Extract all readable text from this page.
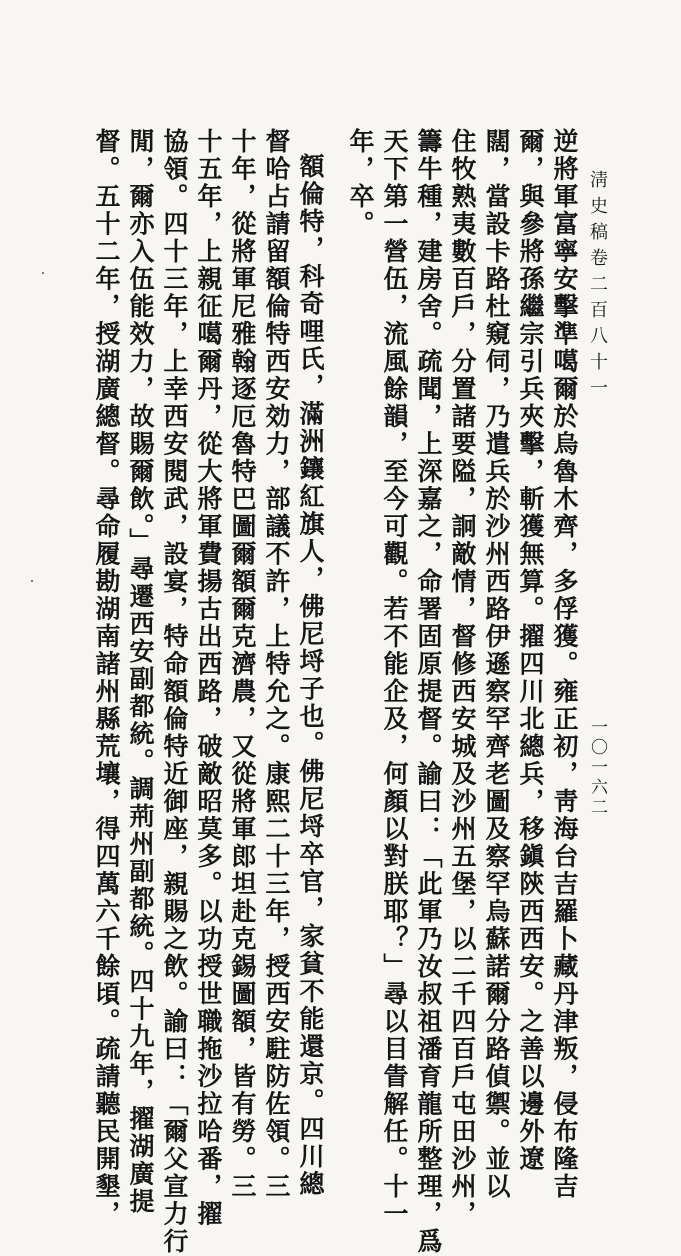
淸史稿卷二百八十一
一〇一六二
逆將軍富寧安擊準噶爾於烏魯木齊，多俘獲。雍正初，靑海台吉羅卜藏丹津叛，侵布隆吉
爾，與參將孫繼宗引兵夾擊，斬獲無算。擢四川北總兵，移鎭陝西西安。之善以邊外遼
闊，當設卡路杜窺伺，乃遣兵於沙州西路伊遜察罕齊老圖及察罕烏蘇諾爾分路偵禦。並以
住牧熟夷數百戶，分置諸要隘，詗敵情，督修西安城及沙州五堡，以二千四百戶屯田沙州，
籌牛種，建房舍。疏聞，上深嘉之，命署固原提督。諭曰：「此軍乃汝叔祖潘育龍所整理，爲
天下第一營伍，流風餘韻，至今可觀。若不能企及，何顏以對朕耶？」尋以目眚解任。十一
年，卒。
額倫特，科奇哩氏，滿洲鑲紅旗人，佛尼埒子也。佛尼埒卒官，家貧不能還京。四川總
督哈占請留額倫特西安効力，部議不許，上特允之。康熙二十三年，授西安駐防佐領。三
十年，從將軍尼雅翰逐厄魯特巴圖爾額爾克濟農，又從將軍郎坦赴克錫圖額，皆有勞。三
十五年，上親征噶爾丹，從大將軍費揚古出西路，破敵昭莫多。以功授世職拖沙拉哈番，擢
協領。四十三年，上幸西安閱武，設宴，特命額倫特近御座，親賜之飲。諭曰：「爾父宣力行
閒，爾亦入伍能效力，故賜爾飲。」尋遷西安副都統。調荊州副都統。四十九年，擢湖廣提
督。五十二年，授湖廣總督。尋命履勘湖南諸州縣荒壤，得四萬六千餘頃。疏請聽民開墾，
